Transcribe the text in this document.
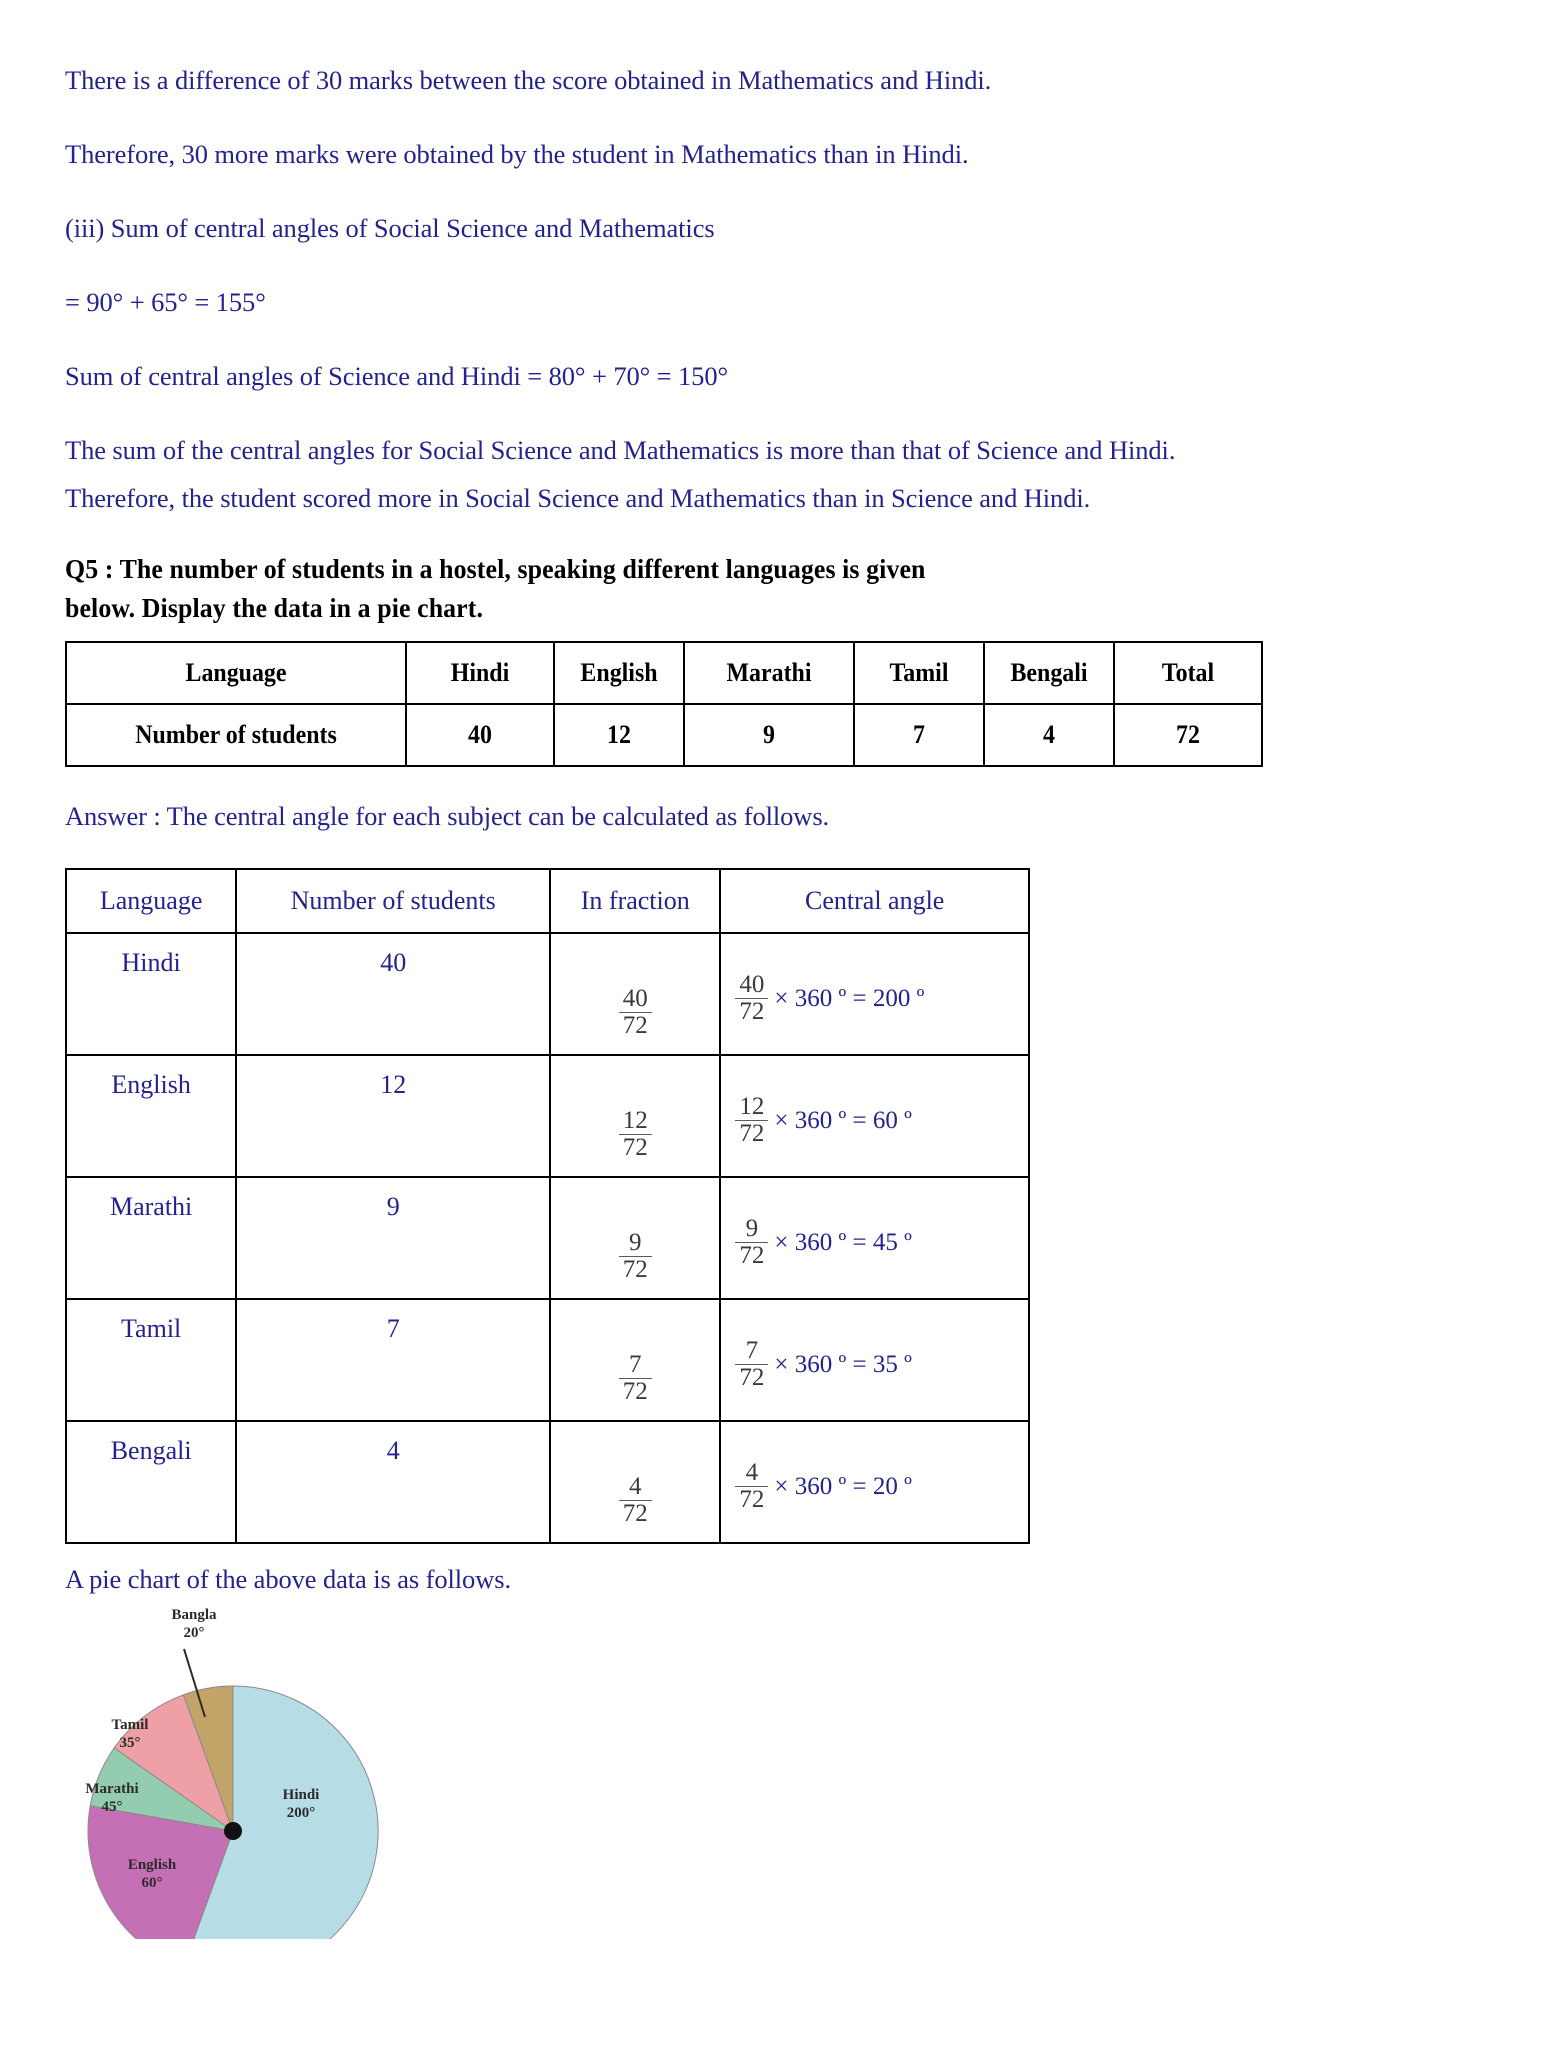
There is a difference of 30 marks between the score obtained in Mathematics and Hindi.

Therefore, 30 more marks were obtained by the student in Mathematics than in Hindi.

(iii) Sum of central angles of Social Science and Mathematics

= 90° + 65° = 155°

Sum of central angles of Science and Hindi = 80° + 70° = 150°

The sum of the central angles for Social Science and Mathematics is more than that of Science and Hindi. Therefore, the student scored more in Social Science and Mathematics than in Science and Hindi.

Q5 : The number of students in a hostel, speaking different languages is given
below. Display the data in a pie chart.
Language	Hindi	English	Marathi	Tamil	Bengali	Total

Number of students	40	12	9	7	4	72

Answer : The central angle for each subject can be calculated as follows.

Language	Number of students	In fraction	Central angle
Hindi	40	$\frac{40}{72}$	$\frac{40}{72} \times 360$ º = 200 º

English	12	$\frac{12}{72}$	$\frac{12}{72} \times 360$ º = 60 º

Marathi	9	$\frac{9}{72}$	$\frac{9}{72} \times 360$ º = 45 º

Tamil	7	$\frac{7}{72}$	$\frac{7}{72} \times 360$ º = 35 º

Bengali	4	$\frac{4}{72}$	$\frac{4}{72} \times 360$ º = 20 º

A pie chart of the above data is as follows.

Bangla
20°
Tamil
35°
Marathi
45°
English
60°
Hindi
200°
